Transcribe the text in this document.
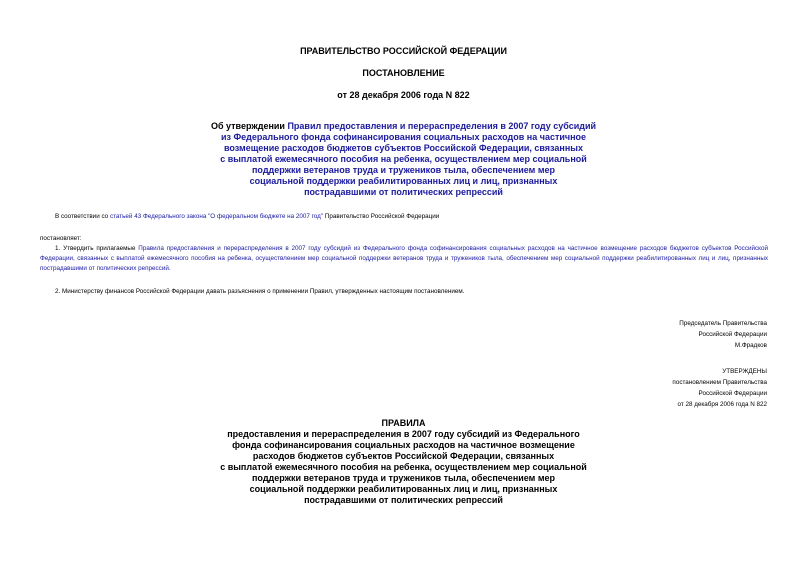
ПРАВИТЕЛЬСТВО РОССИЙСКОЙ ФЕДЕРАЦИИ
ПОСТАНОВЛЕНИЕ
от 28 декабря 2006 года N 822
Об утверждении Правил предоставления и перераспределения в 2007 году субсидий
из Федерального фонда софинансирования социальных расходов на частичное
возмещение расходов бюджетов субъектов Российской Федерации, связанных
с выплатой ежемесячного пособия на ребенка, осуществлением мер социальной
поддержки ветеранов труда и тружеников тыла, обеспечением мер
социальной поддержки реабилитированных лиц и лиц, признанных
пострадавшими от политических репрессий
В соответствии со статьей 43 Федерального закона "О федеральном бюджете на 2007 год" Правительство Российской Федерации
постановляет:
1. Утвердить прилагаемые Правила предоставления и перераспределения в 2007 году субсидий из Федерального фонда софинансирования социальных расходов на частичное возмещение расходов бюджетов субъектов Российской Федерации, связанных с выплатой ежемесячного пособия на ребенка, осуществлением мер социальной поддержки ветеранов труда и тружеников тыла, обеспечением мер социальной поддержки реабилитированных лиц и лиц, признанных пострадавшими от политических репрессий.
2. Министерству финансов Российской Федерации давать разъяснения о применении Правил, утвержденных настоящим постановлением.
Председатель Правительства
Российской Федерации
М.Фрадков
УТВЕРЖДЕНЫ
постановлением Правительства
Российской Федерации
от 28 декабря 2006 года N 822
ПРАВИЛА
предоставления и перераспределения в 2007 году субсидий из Федерального
фонда софинансирования социальных расходов на частичное возмещение
расходов бюджетов субъектов Российской Федерации, связанных
с выплатой ежемесячного пособия на ребенка, осуществлением мер социальной
поддержки ветеранов труда и тружеников тыла, обеспечением мер
социальной поддержки реабилитированных лиц и лиц, признанных
пострадавшими от политических репрессий
